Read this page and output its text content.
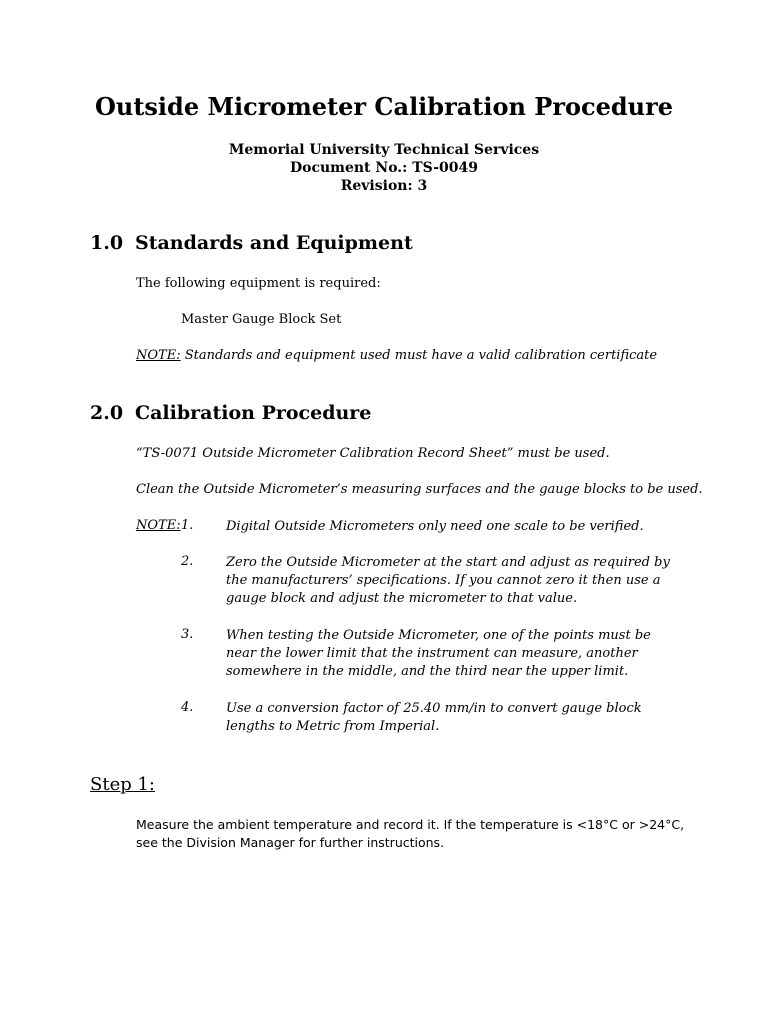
Outside Micrometer Calibration Procedure
Memorial University Technical Services
Document No.: TS-0049
Revision: 3
1.0 Standards and Equipment
The following equipment is required:
Master Gauge Block Set
NOTE: Standards and equipment used must have a valid calibration certificate
2.0 Calibration Procedure
“TS-0071 Outside Micrometer Calibration Record Sheet” must be used.
Clean the Outside Micrometer’s measuring surfaces and the gauge blocks to be used.
NOTE: 1.	Digital Outside Micrometers only need one scale to be verified.
2.	Zero the Outside Micrometer at the start and adjust as required by the manufacturers’ specifications. If you cannot zero it then use a gauge block and adjust the micrometer to that value.
3.	When testing the Outside Micrometer, one of the points must be near the lower limit that the instrument can measure, another somewhere in the middle, and the third near the upper limit.
4.	Use a conversion factor of 25.40 mm/in to convert gauge block lengths to Metric from Imperial.
Step 1:
Measure the ambient temperature and record it. If the temperature is <18°C or >24°C,
see the Division Manager for further instructions.
